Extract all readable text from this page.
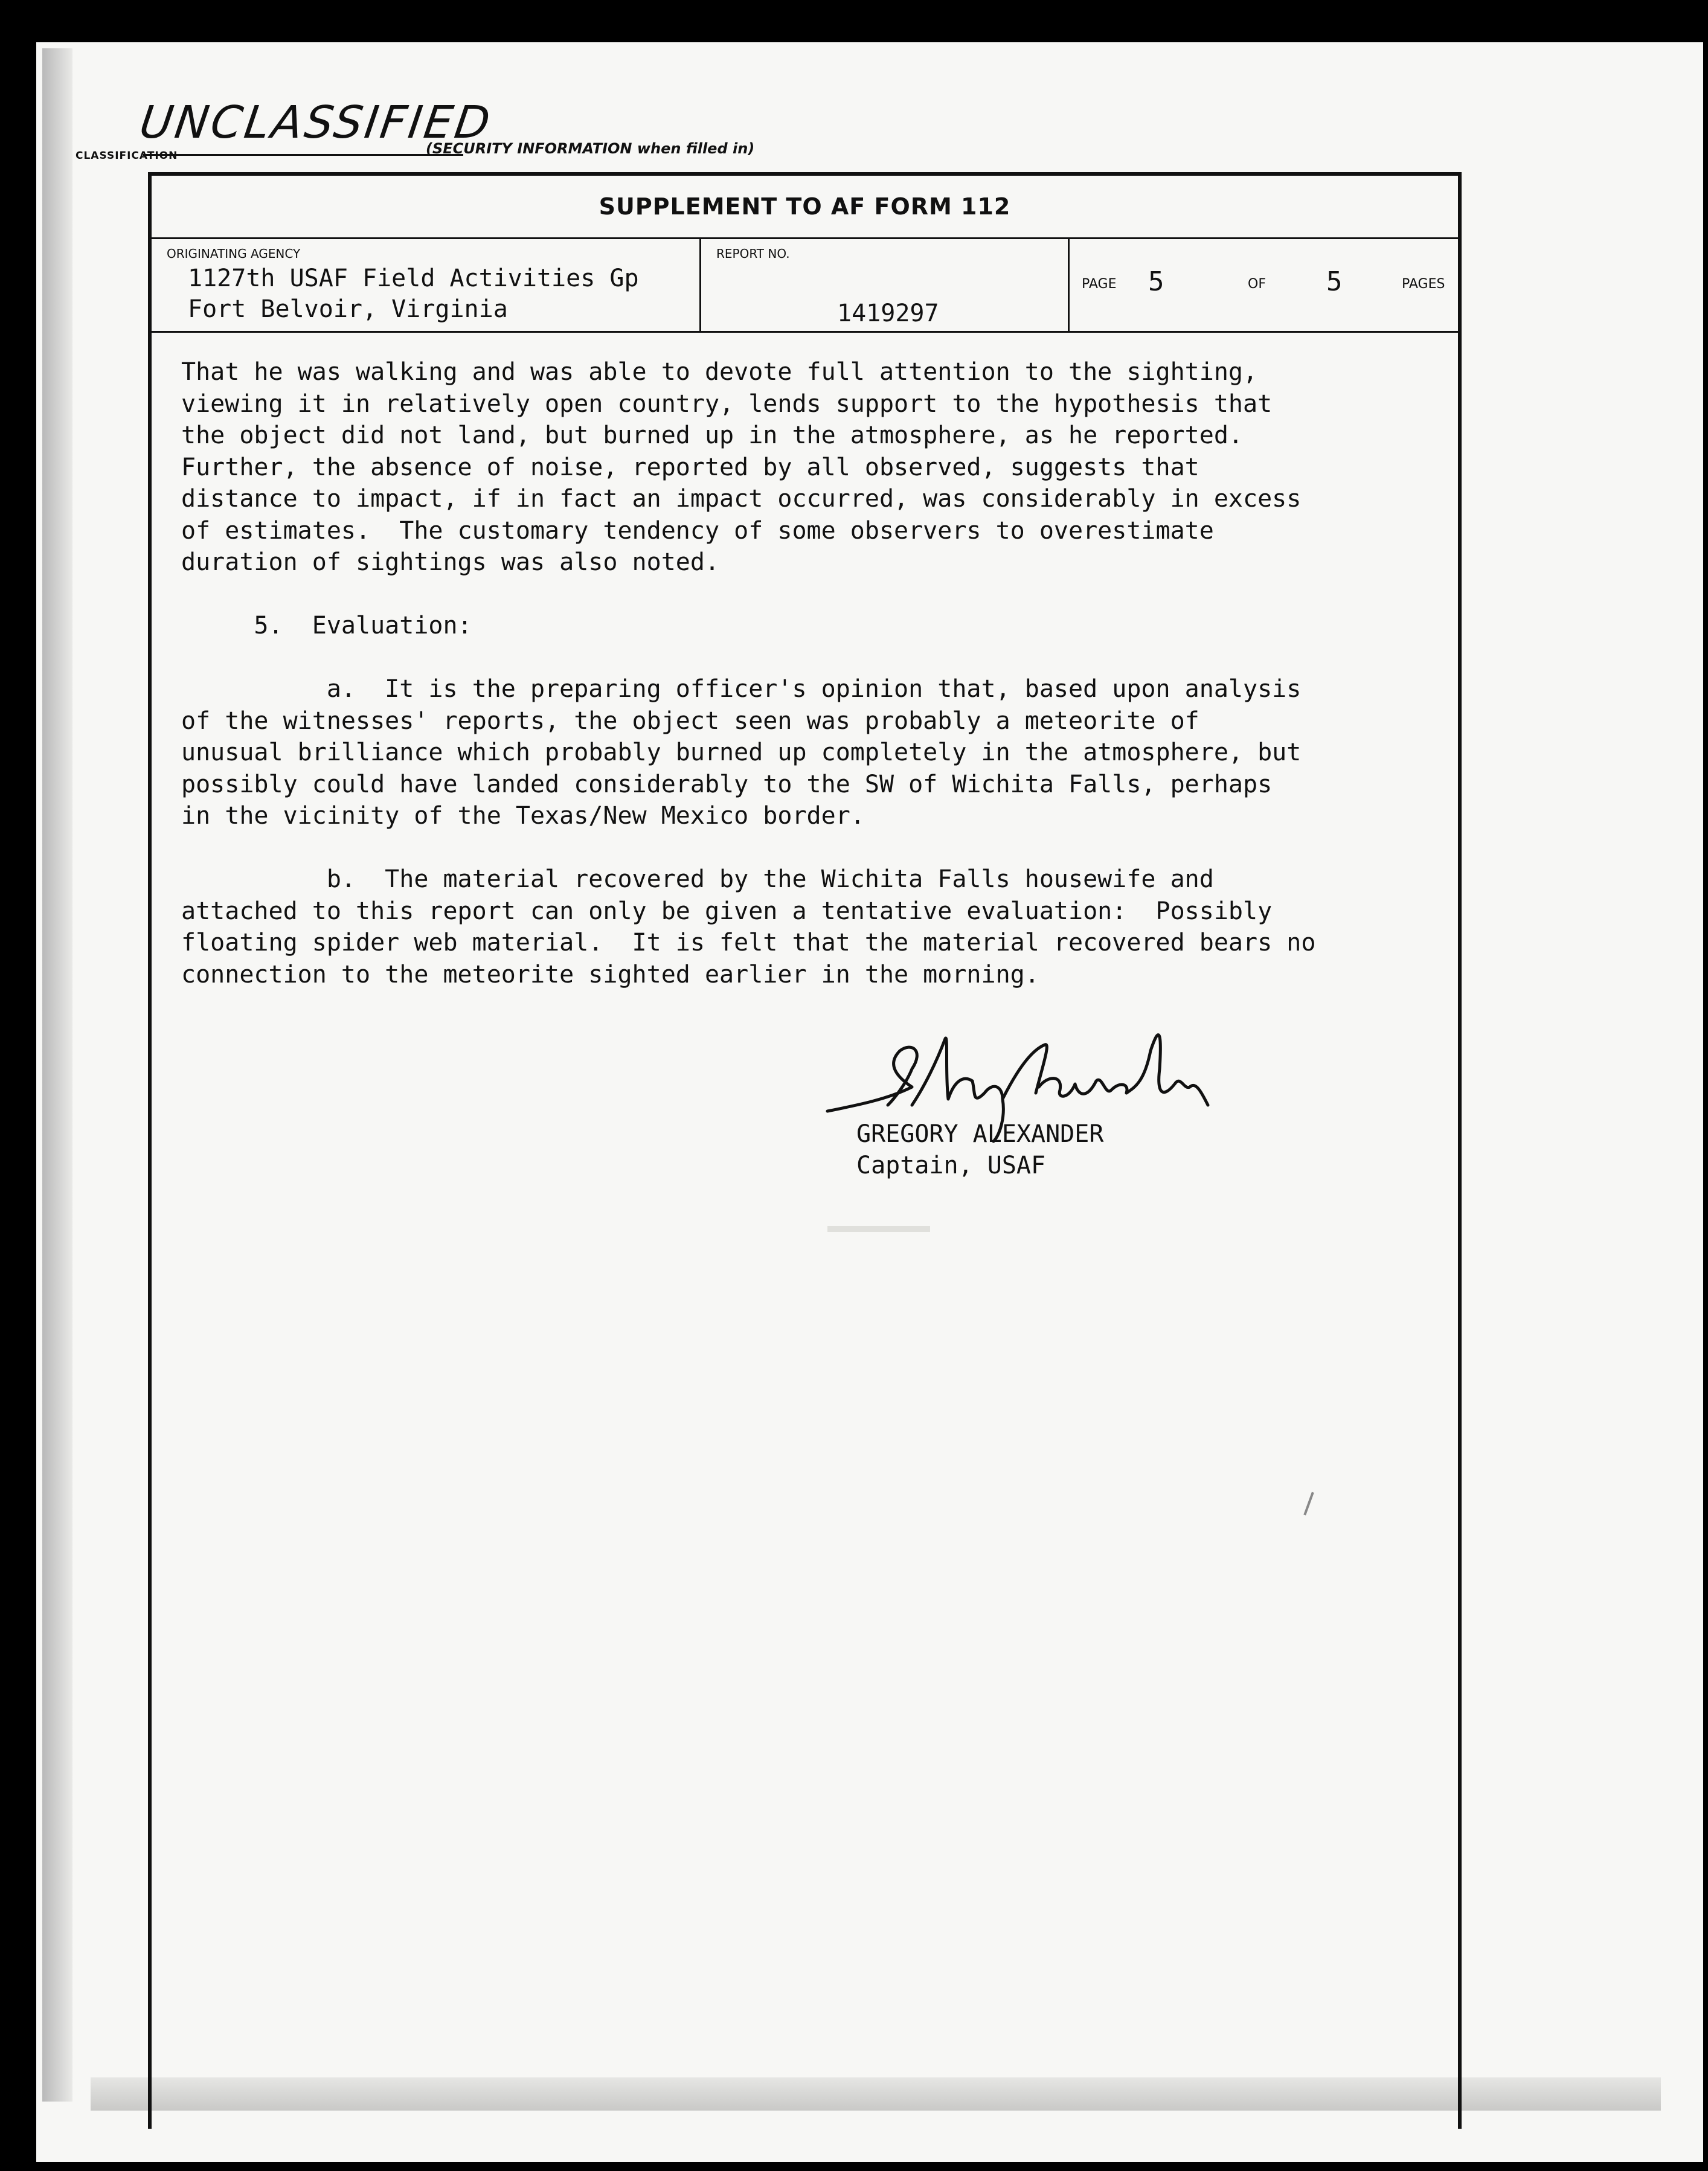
UNCLASSIFIED
CLASSIFICATION	(SECURITY INFORMATION when filled in)
SUPPLEMENT TO AF FORM 112
ORIGINATING AGENCY
1127th USAF Field Activities Gp
Fort Belvoir, Virginia
REPORT NO.
1419297
PAGE 5	OF 5	PAGES

That he was walking and was able to devote full attention to the sighting,

viewing it in relatively open country, lends support to the hypothesis that

the object did not land, but burned up in the atmosphere, as he reported.

Further, the absence of noise, reported by all observed, suggests that

distance to impact, if in fact an impact occurred, was considerably in excess

of estimates.  The customary tendency of some observers to overestimate

duration of sightings was also noted.

5.  Evaluation:

a.  It is the preparing officer's opinion that, based upon analysis

of the witnesses' reports, the object seen was probably a meteorite of

unusual brilliance which probably burned up completely in the atmosphere, but

possibly could have landed considerably to the SW of Wichita Falls, perhaps

in the vicinity of the Texas/New Mexico border.

b.  The material recovered by the Wichita Falls housewife and

attached to this report can only be given a tentative evaluation:  Possibly

floating spider web material.  It is felt that the material recovered bears no

connection to the meteorite sighted earlier in the morning.

GREGORY ALEXANDER
Captain, USAF
